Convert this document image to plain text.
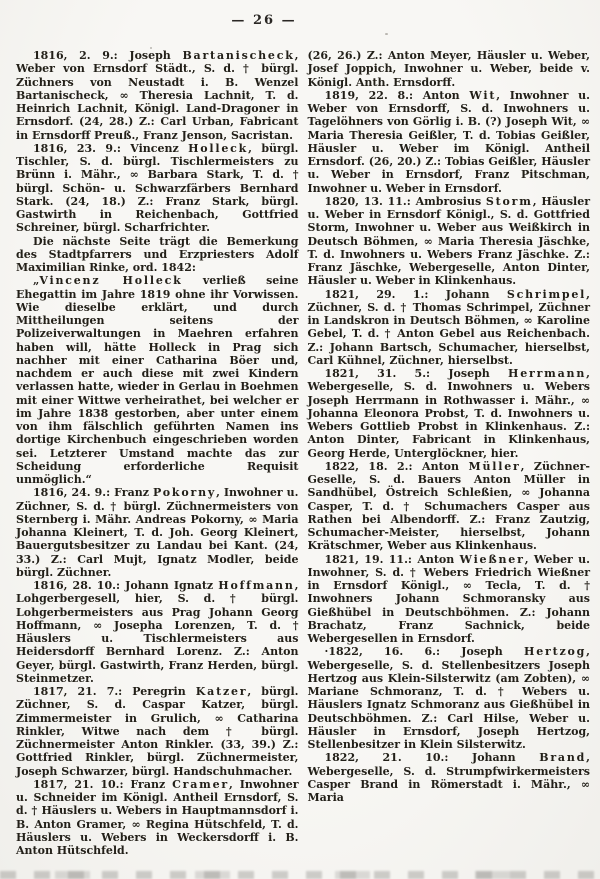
— 26 —

1816, 2. 9.: Joseph Bartanischeck, Weber von Ernsdorf Städt., S. d. † bürgl. Züchners von Neustadt i. B. Wenzel Bartanischeck, ∞ Theresia Lachnit, T. d. Heinrich Lachnit, Königl. Land-Dragoner in Ernsdorf. (24, 28.) Z.: Carl Urban, Fabricant in Ernsdorff Preuß., Franz Jenson, Sacristan.

1816, 23. 9.: Vincenz Holleck, bürgl. Tischler, S. d. bürgl. Tischlermeisters zu Brünn i. Mähr., ∞ Barbara Stark, T. d. † bürgl. Schön- u. Schwarzfärbers Bernhard Stark. (24, 18.) Z.: Franz Stark, bürgl. Gastwirth in Reichenbach, Gottfried Schreiner, bürgl. Scharfrichter.

Die nächste Seite trägt die Bemerkung des Stadtpfarrers und Erzpriesters Adolf Maximilian Rinke, ord. 1842:

„Vincenz Holleck verließ seine Ehegattin im Jahre 1819 ohne ihr Vorwissen. Wie dieselbe erklärt, und durch Mittheilungen seitens der Polizeiverwaltungen in Maehren erfahren haben will, hätte Holleck in Prag sich nachher mit einer Catharina Böer und, nachdem er auch diese mit zwei Kindern verlassen hatte, wieder in Gerlau in Boehmen mit einer Wittwe verheirathet, bei welcher er im Jahre 1838 gestorben, aber unter einem von ihm fälschlich geführten Namen ins dortige Kirchenbuch eingeschrieben worden sei. Letzterer Umstand machte das zur Scheidung erforderliche Requisit unmöglich.“

1816, 24. 9.: Franz Pokorny, Inwohner u. Züchner, S. d. † bürgl. Züchnermeisters von Sternberg i. Mähr. Andreas Pokorny, ∞ Maria Johanna Kleinert, T. d. Joh. Georg Kleinert, Bauergutsbesitzer zu Landau bei Kant. (24, 33.) Z.: Carl Mujt, Ignatz Modler, beide bürgl. Züchner.

1816, 28. 10.: Johann Ignatz Hoffmann, Lohgerbergesell, hier, S. d. † bürgl. Lohgerbermeisters aus Prag Johann Georg Hoffmann, ∞ Josepha Lorenzen, T. d. † Häuslers u. Tischlermeisters aus Heidersdorff Bernhard Lorenz. Z.: Anton Geyer, bürgl. Gastwirth, Franz Herden, bürgl. Steinmetzer.

1817, 21. 7.: Peregrin Katzer, bürgl. Züchner, S. d. Caspar Katzer, bürgl. Zimmermeister in Grulich, ∞ Catharina Rinkler, Witwe nach dem † bürgl. Züchnermeister Anton Rinkler. (33, 39.) Z.: Gottfried Rinkler, bürgl. Züchnermeister, Joseph Schwarzer, bürgl. Handschuhmacher.

1817, 21. 10.: Franz Cramer, Inwohner u. Schneider im Königl. Antheil Ernsdorf, S. d. † Häuslers u. Webers in Hauptmannsdorf i. B. Anton Gramer, ∞ Regina Hütschfeld, T. d. Häuslers u. Webers in Weckersdorff i. B. Anton Hütschfeld.

(26, 26.) Z.: Anton Meyer, Häusler u. Weber, Josef Joppich, Inwohner u. Weber, beide v. Königl. Anth. Ernsdorff.

1819, 22. 8.: Anton Wit, Inwohner u. Weber von Ernsdorff, S. d. Inwohners u. Tagelöhners von Görlig i. B. (?) Joseph Wit, ∞ Maria Theresia Geißler, T. d. Tobias Geißler, Häusler u. Weber im Königl. Antheil Ernsdorf. (26, 20.) Z.: Tobias Geißler, Häusler u. Weber in Ernsdorf, Franz Pitschman, Inwohner u. Weber in Ernsdorf.

1820, 13. 11.: Ambrosius Storm, Häusler u. Weber in Ernsdorf Königl., S. d. Gottfried Storm, Inwohner u. Weber aus Weißkirch in Deutsch Böhmen, ∞ Maria Theresia Jäschke, T. d. Inwohners u. Webers Franz Jäschke. Z.: Franz Jäschke, Webergeselle, Anton Dinter, Häusler u. Weber in Klinkenhaus.

1821, 29. 1.: Johann Schrimpel, Züchner, S. d. † Thomas Schrimpel, Züchner in Landskron in Deutsch Böhmen, ∞ Karoline Gebel, T. d. † Anton Gebel aus Reichenbach. Z.: Johann Bartsch, Schumacher, hierselbst, Carl Kühnel, Züchner, hierselbst.

1821, 31. 5.: Joseph Herrmann, Webergeselle, S. d. Inwohners u. Webers Joseph Herrmann in Rothwasser i. Mähr., ∞ Johanna Eleonora Probst, T. d. Inwohners u. Webers Gottlieb Probst in Klinkenhaus. Z.: Anton Dinter, Fabricant in Klinkenhaus, Georg Herde, Unterglöckner, hier.

1822, 18. 2.: Anton Müller, Züchner-Geselle, S. d. Bauers Anton Müller in Sandhübel, Östreich Schleßien, ∞ Johanna Casper, T. d. † Schumachers Casper aus Rathen bei Albendorff. Z.: Franz Zautzig, Schumacher-Meister, hierselbst, Johann Krätschmer, Weber aus Klinkenhaus.

1821, 19. 11.: Anton Wießner, Weber u. Inwohner, S. d. † Webers Friedrich Wießner in Ernsdorf Königl., ∞ Tecla, T. d. † Inwohners Johann Schmoransky aus Gießhübel in Deutschböhmen. Z.: Johann Brachatz, Franz Sachnick, beide Webergesellen in Ernsdorf.

·1822, 16. 6.: Joseph Hertzog, Webergeselle, S. d. Stellenbesitzers Joseph Hertzog aus Klein-Silsterwitz (am Zobten), ∞ Mariane Schmoranz, T. d. † Webers u. Häuslers Ignatz Schmoranz aus Gießhübel in Deutschböhmen. Z.: Carl Hilse, Weber u. Häusler in Ernsdorf, Joseph Hertzog, Stellenbesitzer in Klein Silsterwitz.

1822, 21. 10.: Johann Brand, Webergeselle, S. d. Strumpfwirkermeisters Casper Brand in Römerstadt i. Mähr., ∞ Maria
